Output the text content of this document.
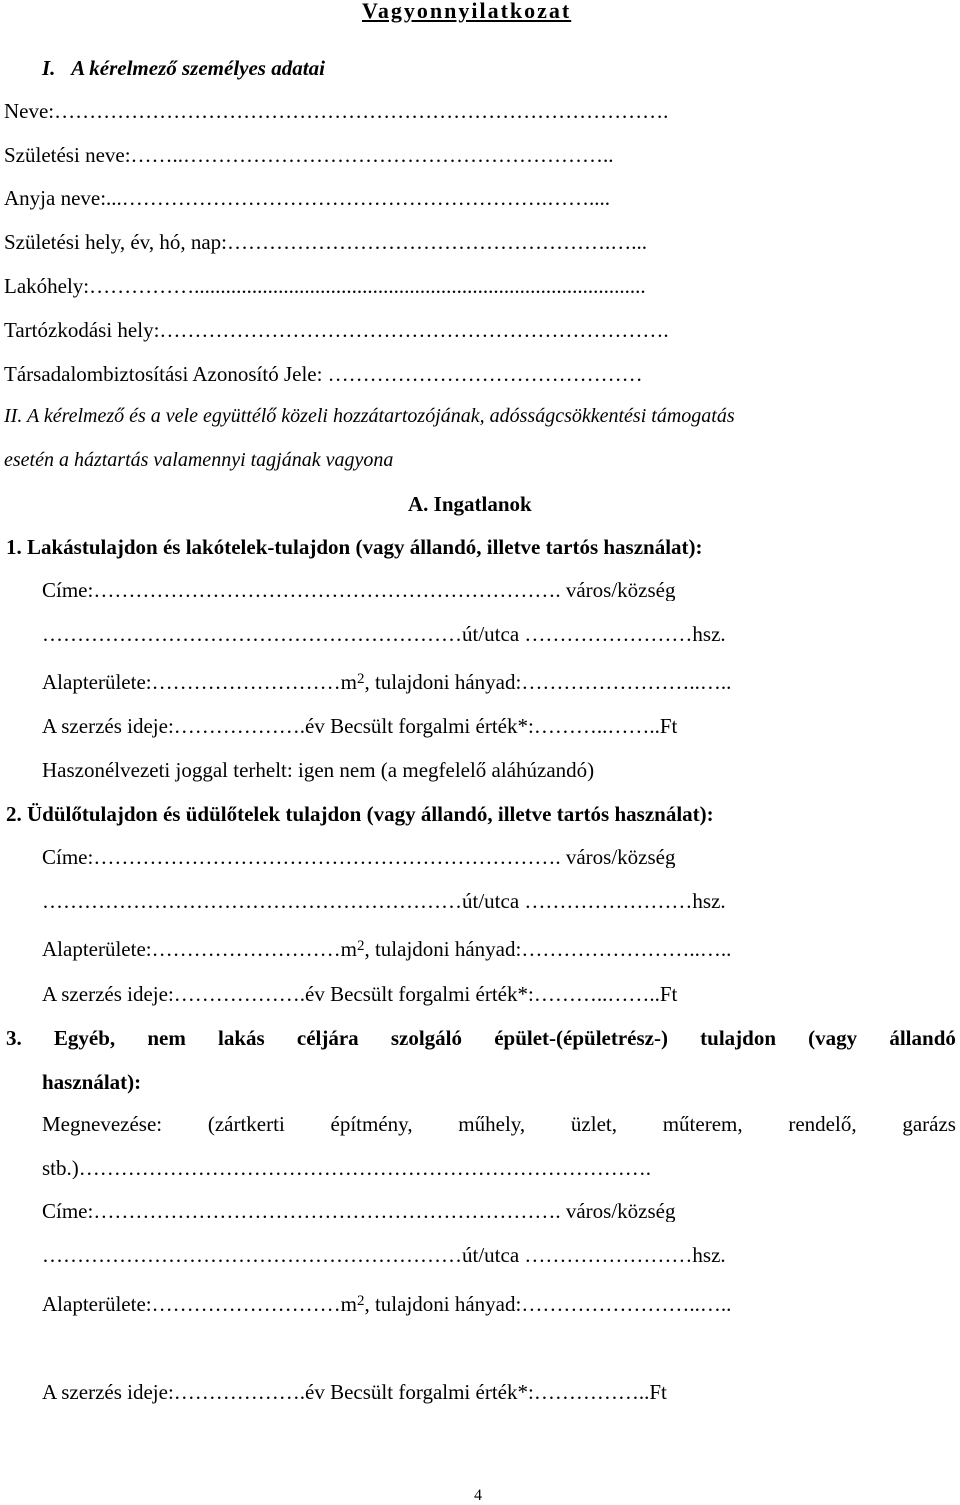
Vagyonnyilatkozat
I. A kérelmező személyes adatai
Neve:…………………………………………………………………………….
Születési neve:……..……………………………………………………..
Anyja neve:...…………………………………………………….……....
Születési hely, év, hó, nap:……………………………………………….…...
Lakóhely:……………......................................................................................
Tartózkodási hely:……………………………………………………………….
Társadalombiztosítási Azonosító Jele: ………………………………………
II. A kérelmező és a vele együttélő közeli hozzátartozójának, adósságcsökkentési támogatás
esetén a háztartás valamennyi tagjának vagyona
A. Ingatlanok
1. Lakástulajdon és lakótelek-tulajdon (vagy állandó, illetve tartós használat):
Címe:…………………………………………………………. város/község
……………………………………………………út/utca ……………………hsz.
$Alapterülete:\dots\dots\dots\dots\dots\dots\dots\dots\dots m^2$, tulajdoni hányad:……………………..…..
A szerzés ideje:……………….év Becsült forgalmi érték*:………..……..Ft
Haszonélvezeti joggal terhelt: igen nem (a megfelelő aláhúzandó)
2. Üdülőtulajdon és üdülőtelek tulajdon (vagy állandó, illetve tartós használat):
Címe:…………………………………………………………. város/község
……………………………………………………út/utca ……………………hsz.
$Alapterülete:\dots\dots\dots\dots\dots\dots\dots\dots\dots m^2$, tulajdoni hányad:……………………..…..
A szerzés ideje:……………….év Becsült forgalmi érték*:………..……..Ft
3. Egyéb, nem lakás céljára szolgáló épület-(épületrész-) tulajdon (vagy állandó
használat):
Megnevezése: (zártkerti építmény, műhely, üzlet, műterem, rendelő, garázs
stb.)……………………………………………………………………….
Címe:…………………………………………………………. város/község
……………………………………………………út/utca ……………………hsz.
$Alapterülete:\dots\dots\dots\dots\dots\dots\dots\dots\dots m^2$, tulajdoni hányad:……………………..…..
A szerzés ideje:……………….év Becsült forgalmi érték*:……………..Ft
4
